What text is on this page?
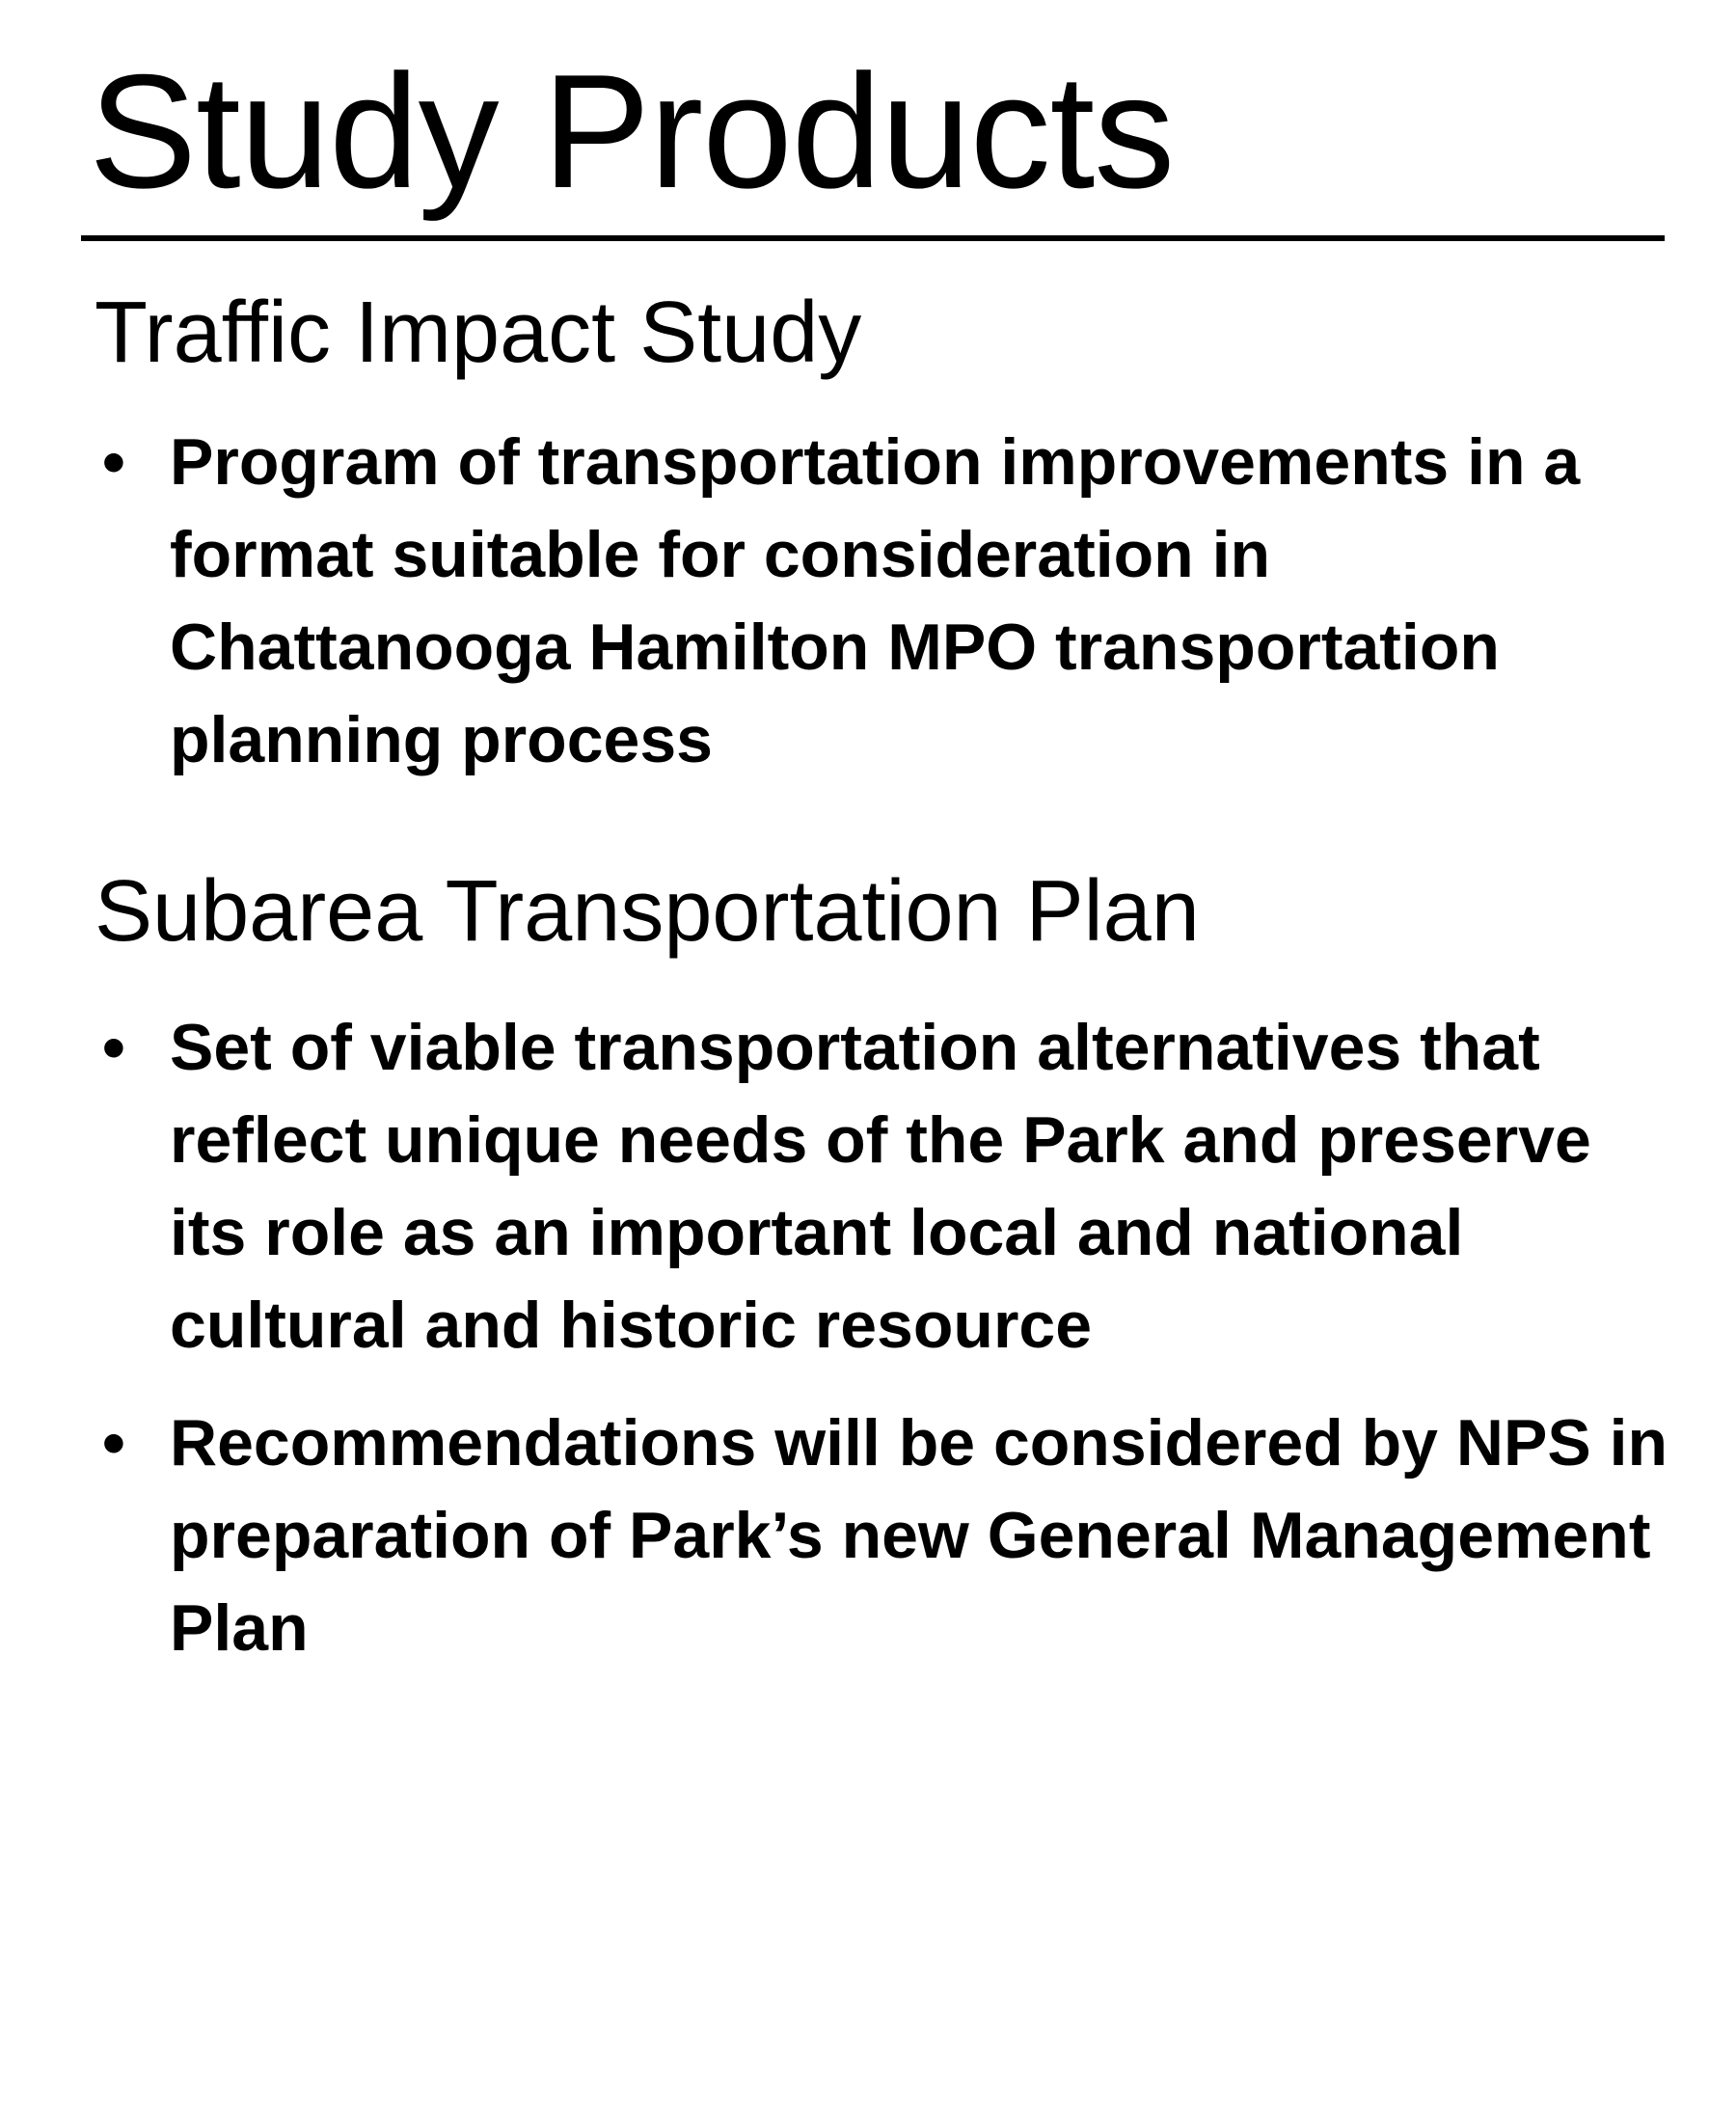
Study Products
Traffic Impact Study
• Program of transportation improvements in a format suitable for consideration in Chattanooga Hamilton MPO transportation planning process
Subarea Transportation Plan
• Set of viable transportation alternatives that reflect unique needs of the Park and preserve its role as an important local and national cultural and historic resource
• Recommendations will be considered by NPS in preparation of Park’s new General Management Plan
